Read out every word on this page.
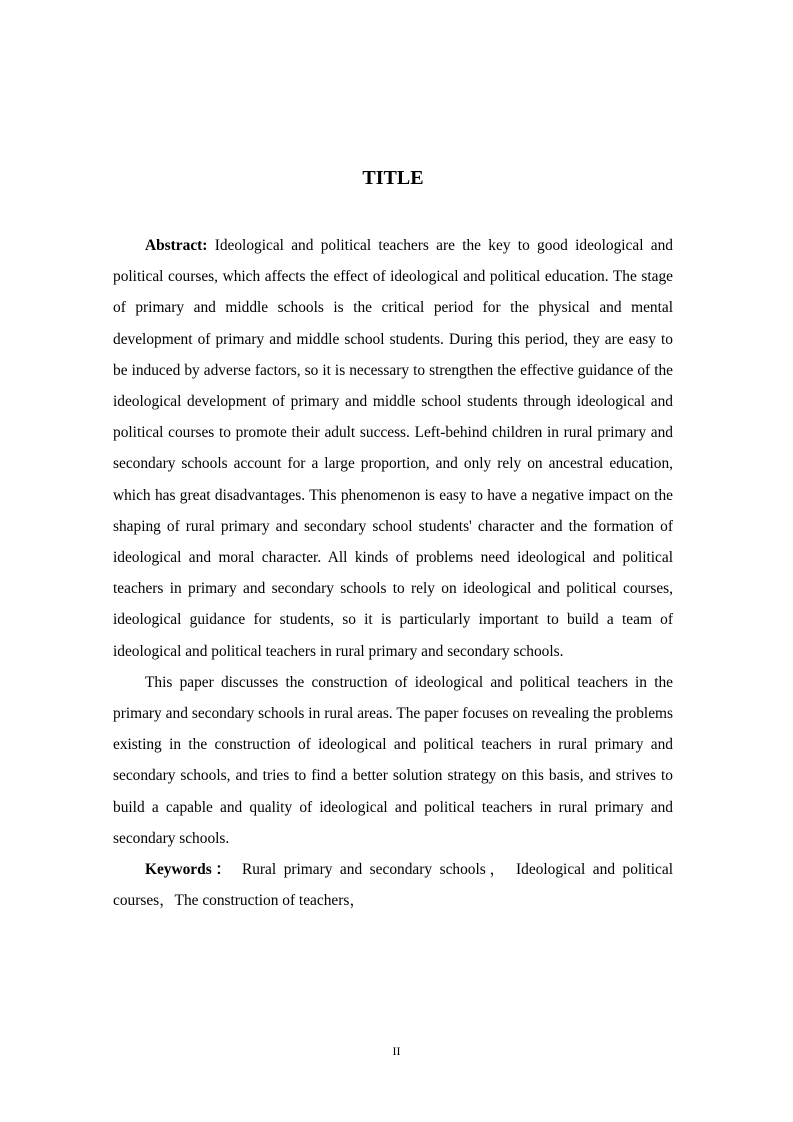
TITLE

Abstract: Ideological and political teachers are the key to good ideological and political courses, which affects the effect of ideological and political education. The stage of primary and middle schools is the critical period for the physical and mental development of primary and middle school students. During this period, they are easy to be induced by adverse factors, so it is necessary to strengthen the effective guidance of the ideological development of primary and middle school students through ideological and political courses to promote their adult success. Left-behind children in rural primary and secondary schools account for a large proportion, and only rely on ancestral education, which has great disadvantages. This phenomenon is easy to have a negative impact on the shaping of rural primary and secondary school students' character and the formation of ideological and moral character. All kinds of problems need ideological and political teachers in primary and secondary schools to rely on ideological and political courses, ideological guidance for students, so it is particularly important to build a team of ideological and political teachers in rural primary and secondary schools.

This paper discusses the construction of ideological and political teachers in the primary and secondary schools in rural areas. The paper focuses on revealing the problems existing in the construction of ideological and political teachers in rural primary and secondary schools, and tries to find a better solution strategy on this basis, and strives to build a capable and quality of ideological and political teachers in rural primary and secondary schools.

Keywords： Rural primary and secondary schools， Ideological and political courses，The construction of teachers，

II
